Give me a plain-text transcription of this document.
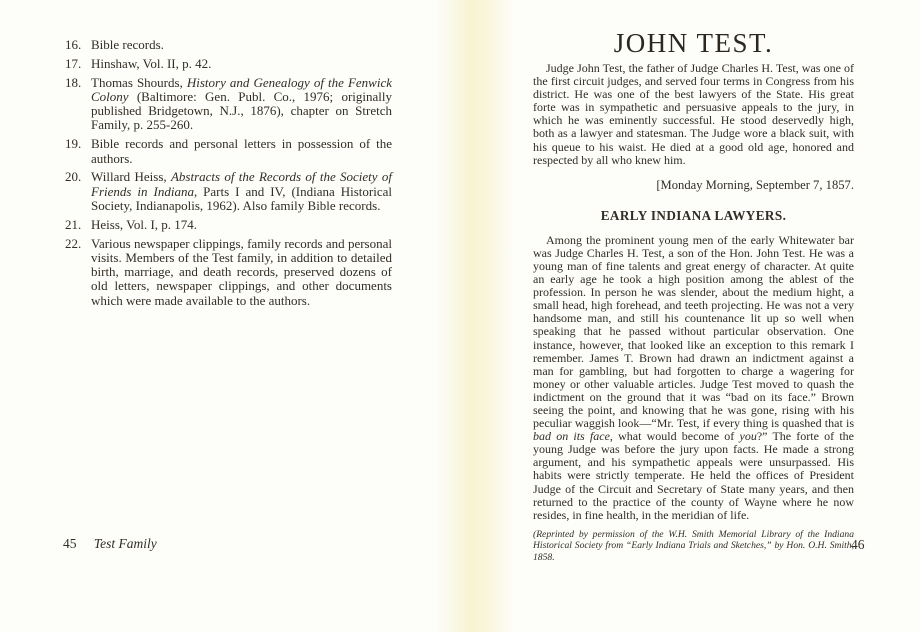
16. Bible records.

17. Hinshaw, Vol. II, p. 42.

18. Thomas Shourds, History and Genealogy of the Fenwick Colony (Baltimore: Gen. Publ. Co., 1976; originally published Bridgetown, N.J., 1876), chapter on Stretch Family, p. 255-260.

19. Bible records and personal letters in possession of the authors.

20. Willard Heiss, Abstracts of the Records of the Society of Friends in Indiana, Parts I and IV, (Indiana Historical Society, Indianapolis, 1962). Also family Bible records.

21. Heiss, Vol. I, p. 174.

22. Various newspaper clippings, family records and personal visits. Members of the Test family, in addition to detailed birth, marriage, and death records, preserved dozens of old letters, newspaper clippings, and other documents which were made available to the authors.

45 Test Family
JOHN TEST.

Judge John Test, the father of Judge Charles H. Test, was one of the first circuit judges, and served four terms in Congress from his district. He was one of the best lawyers of the State. His great forte was in sympathetic and persuasive appeals to the jury, in which he was eminently successful. He stood deservedly high, both as a lawyer and statesman. The Judge wore a black suit, with his queue to his waist. He died at a good old age, honored and respected by all who knew him.

[Monday Morning, September 7, 1857.

EARLY INDIANA LAWYERS.

Among the prominent young men of the early Whitewater bar was Judge Charles H. Test, a son of the Hon. John Test. He was a young man of fine talents and great energy of character. At quite an early age he took a high position among the ablest of the profession. In person he was slender, about the medium hight, a small head, high forehead, and teeth projecting. He was not a very handsome man, and still his countenance lit up so well when speaking that he passed without particular observation. One instance, however, that looked like an exception to this remark I remember. James T. Brown had drawn an indictment against a man for gambling, but had forgotten to charge a wagering for money or other valuable articles. Judge Test moved to quash the indictment on the ground that it was “bad on its face.” Brown seeing the point, and knowing that he was gone, rising with his peculiar waggish look—“Mr. Test, if every thing is quashed that is bad on its face, what would become of you?” The forte of the young Judge was before the jury upon facts. He made a strong argument, and his sympathetic appeals were unsurpassed. His habits were strictly temperate. He held the offices of President Judge of the Circuit and Secretary of State many years, and then returned to the practice of the county of Wayne where he now resides, in fine health, in the meridian of life.

(Reprinted by permission of the W.H. Smith Memorial Library of the Indiana Historical Society from “Early Indiana Trials and Sketches,” by Hon. O.H. Smith, 1858.

46
